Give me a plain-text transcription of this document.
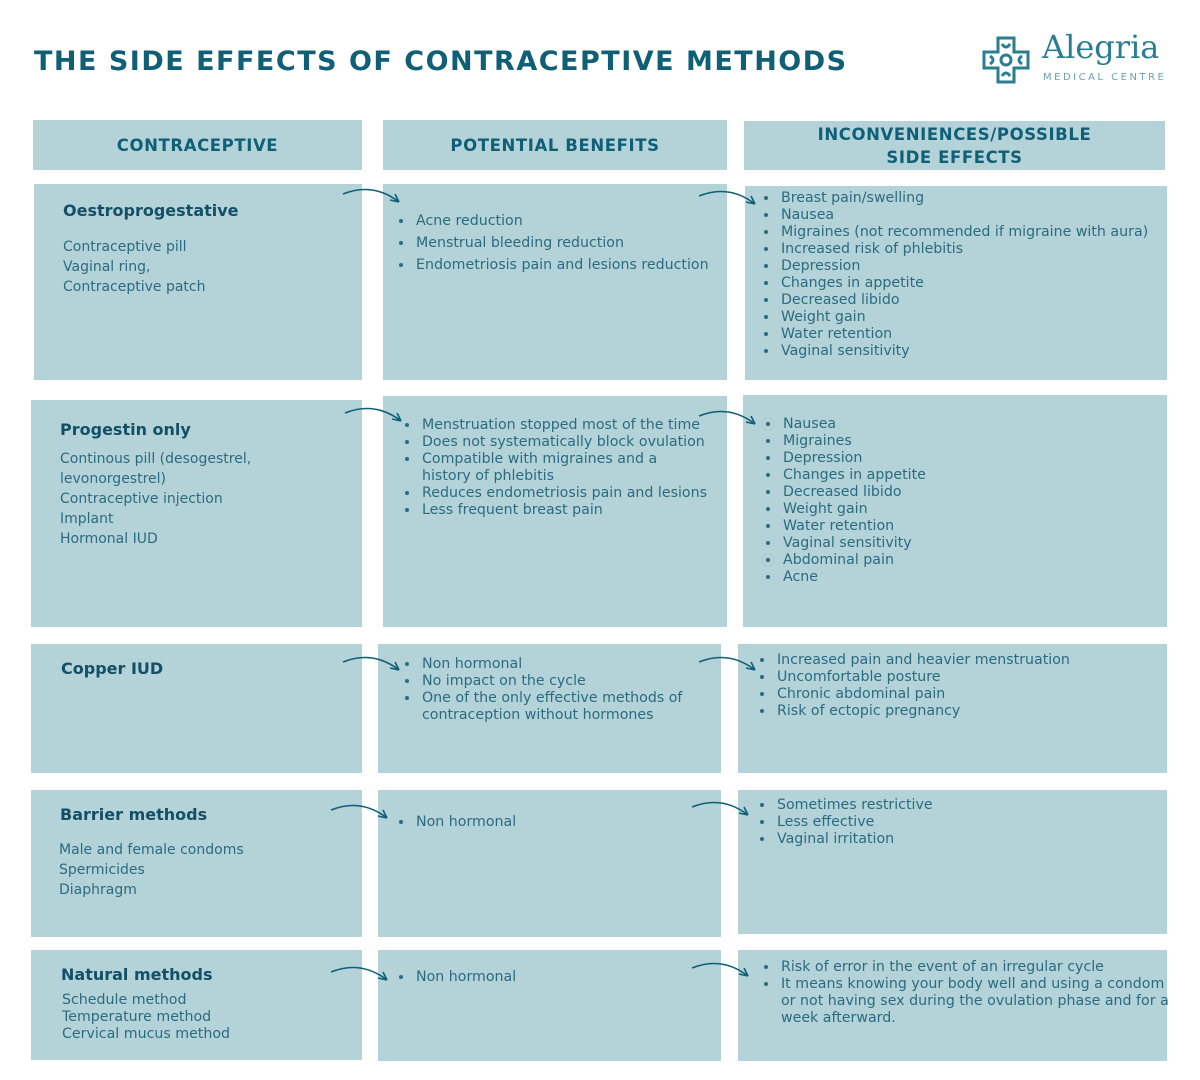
THE SIDE EFFECTS OF CONTRACEPTIVE METHODS	Alegria
MEDICAL CENTRE
CONTRACEPTIVE	POTENTIAL BENEFITS
INCONVENIENCES/POSSIBLE
SIDE EFFECTS
Oestroprogestative
Contraceptive pill
Vaginal ring,
Contraceptive patch
• Acne reduction
• Menstrual bleeding reduction
• Endometriosis pain and lesions reduction
• Breast pain/swelling
• Nausea
• Migraines (not recommended if migraine with aura)
• Increased risk of phlebitis
• Depression
• Changes in appetite
• Decreased libido
• Weight gain
• Water retention
• Vaginal sensitivity
Progestin only
Continous pill (desogestrel, levonorgestrel)
Contraceptive injection
Implant
Hormonal IUD
• Menstruation stopped most of the time
• Does not systematically block ovulation
• Compatible with migraines and a history of phlebitis
• Reduces endometriosis pain and lesions
• Less frequent breast pain
• Nausea
• Migraines
• Depression
• Changes in appetite
• Decreased libido
• Weight gain
• Water retention
• Vaginal sensitivity
• Abdominal pain
• Acne
Copper IUD
•	Non hormonal
• No impact on the cycle
• One of the only effective methods of contraception without hormones
• Increased pain and heavier menstruation
• Uncomfortable posture
• Chronic abdominal pain
• Risk of ectopic pregnancy
Barrier methods
Male and female condoms
Spermicides
Diaphragm
• Non hormonal
• Sometimes restrictive
• Less effective
• Vaginal irritation
Natural methods
Schedule method
Temperature method
Cervical mucus method
• Non hormonal
• Risk of error in the event of an irregular cycle
• It means knowing your body well and using a condom or not having sex during the ovulation phase and for a week afterward.
